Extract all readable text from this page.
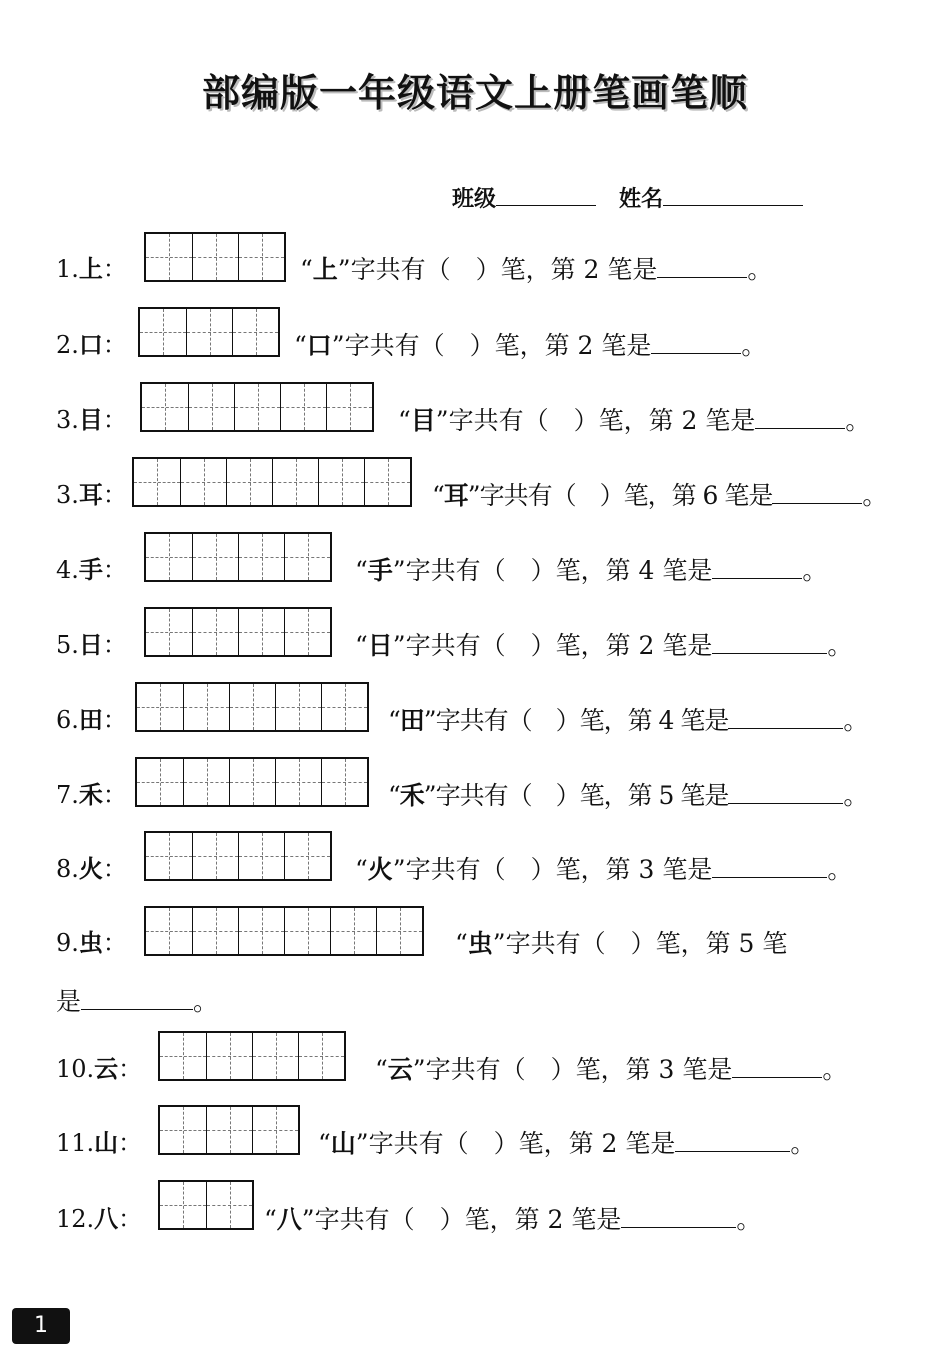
部编版一年级语文上册笔画笔顺
班级	姓名
1.上：	“上”字共有（　）笔，第 2 笔是	。
2.口：	“口”字共有（　）笔，第 2 笔是	。
3.目：	“目”字共有（　）笔，第 2 笔是	。
3.耳：	“耳”字共有（　）笔，第 6 笔是	。
4.手：	“手”字共有（　）笔，第 4 笔是	。
5.日：	“日”字共有（　）笔，第 2 笔是	。
6.田：	“田”字共有（　）笔，第 4 笔是	。
7.禾：	“禾”字共有（　）笔，第 5 笔是	。
8.火：	“火”字共有（　）笔，第 3 笔是	。
9.虫：	“虫”字共有（　）笔，第 5 笔
10.云：	“云”字共有（　）笔，第 3 笔是	。
11.山：	“山”字共有（　）笔，第 2 笔是	。
12.八：	“八”字共有（　）笔，第 2 笔是	。
是	。
1
